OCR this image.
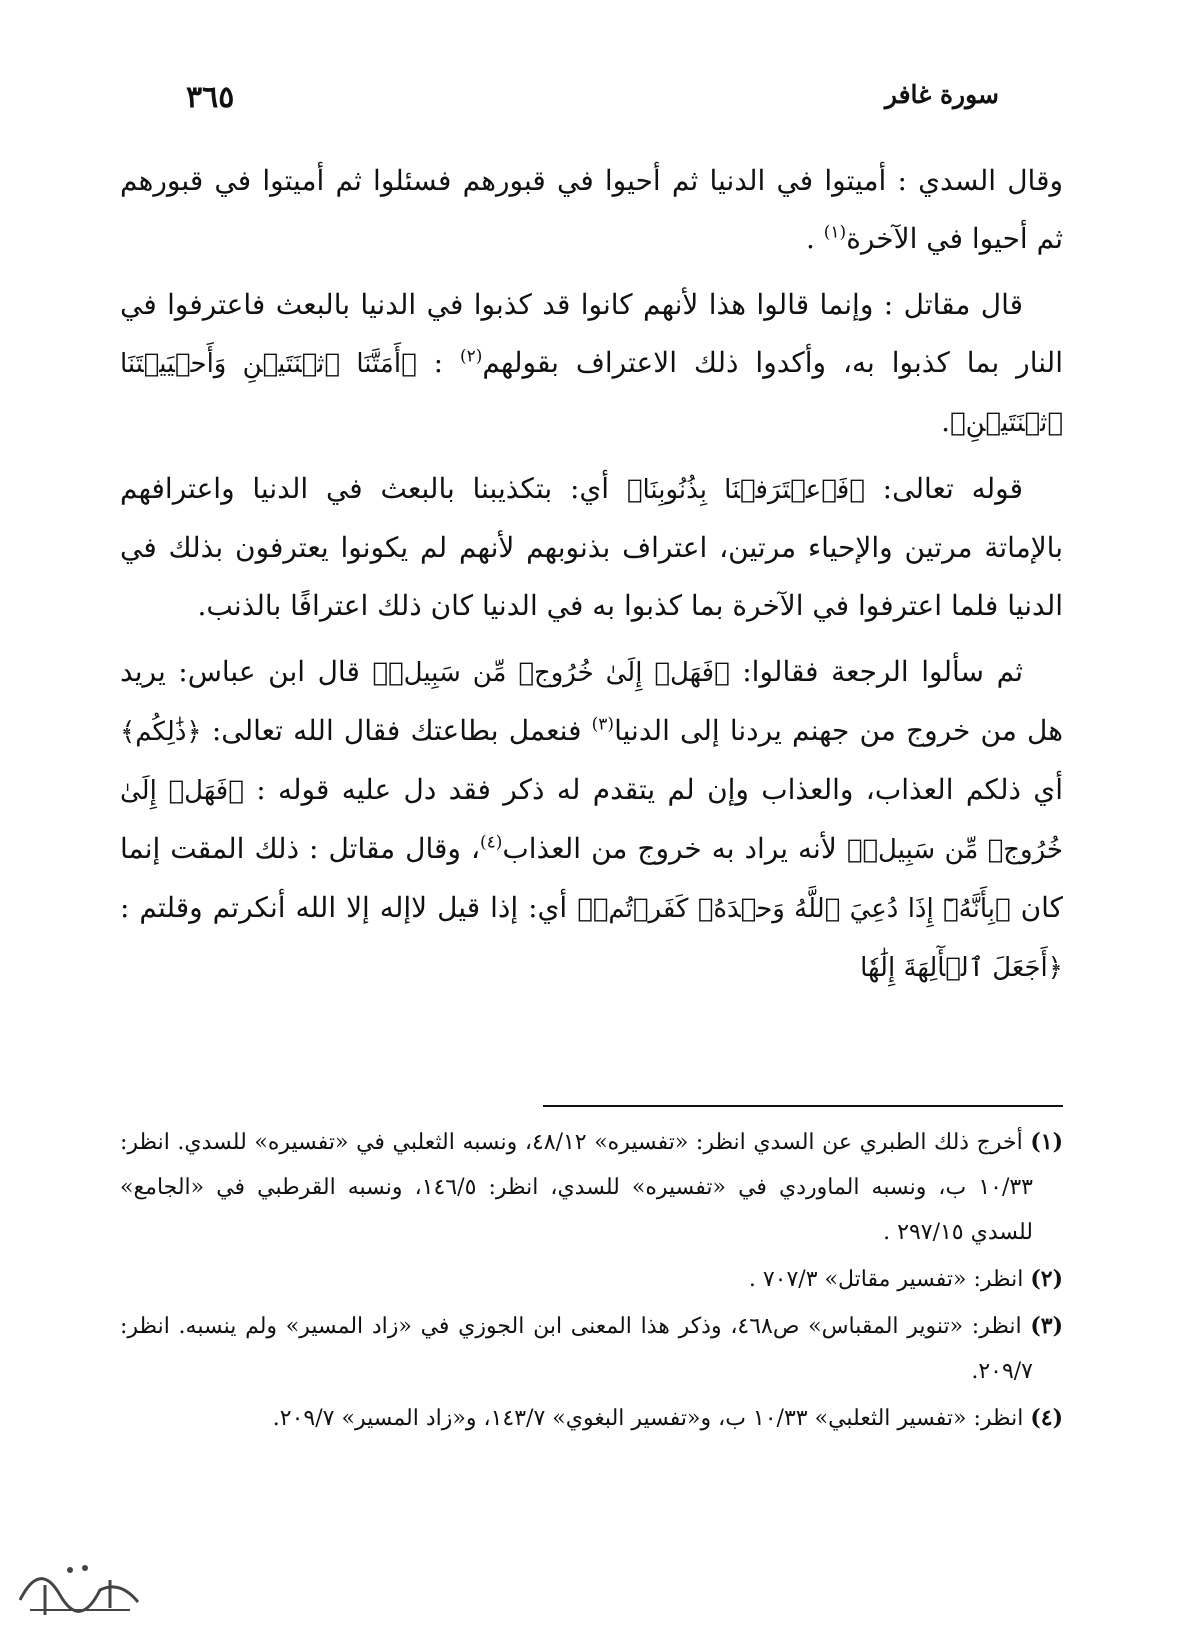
سورة غافر
٣٦٥

وقال السدي : أميتوا في الدنيا ثم أحيوا في قبورهم فسئلوا ثم أميتوا في قبورهم ثم أحيوا في الآخرة$^{(١)}$ .

قال مقاتل : وإنما قالوا هذا لأنهم كانوا قد كذبوا في الدنيا بالبعث فاعترفوا في النار بما كذبوا به، وأكدوا ذلك الاعتراف بقولهم$^{(٢)}$ : ﴿أَمَتَّنَا ٱثۡنَتَيۡنِ وَأَحۡيَيۡتَنَا ٱثۡنَتَيۡنِ﴾.

قوله تعالى: ﴿فَٱعۡتَرَفۡنَا بِذُنُوبِنَا﴾ أي: بتكذيبنا بالبعث في الدنيا واعترافهم بالإماتة مرتين والإحياء مرتين، اعتراف بذنوبهم لأنهم لم يكونوا يعترفون بذلك في الدنيا فلما اعترفوا في الآخرة بما كذبوا به في الدنيا كان ذلك اعترافًا بالذنب.

ثم سألوا الرجعة فقالوا: ﴿فَهَلۡ إِلَىٰ خُرُوجٖ مِّن سَبِيلٖ﴾ قال ابن عباس: يريد هل من خروج من جهنم يردنا إلى الدنيا$^{(٣)}$ فنعمل بطاعتك فقال الله تعالى: ﴿ذَٰلِكُم﴾ أي ذلكم العذاب، والعذاب وإن لم يتقدم له ذكر فقد دل عليه قوله : ﴿فَهَلۡ إِلَىٰ خُرُوجٖ مِّن سَبِيلٖ﴾ لأنه يراد به خروج من العذاب$^{(٤)}$، وقال مقاتل : ذلك المقت إنما كان ﴿بِأَنَّهُۥٓ إِذَا دُعِيَ ٱللَّهُ وَحۡدَهُۥ كَفَرۡتُمۡ﴾ أي: إذا قيل لاإله إلا الله أنكرتم وقلتم : ﴿أَجَعَلَ ٱلۡأٓلِهَةَ إِلَٰهٗا

(١) أخرج ذلك الطبري عن السدي انظر: «تفسيره» ٤٨/١٢، ونسبه الثعلبي في «تفسيره» للسدي. انظر: ١٠/٣٣ ب، ونسبه الماوردي في «تفسيره» للسدي، انظر: ١٤٦/٥، ونسبه القرطبي في «الجامع» للسدي ٢٩٧/١٥ .

(٢) انظر: «تفسير مقاتل» ٧٠٧/٣ .

(٣) انظر: «تنوير المقباس» ص٤٦٨، وذكر هذا المعنى ابن الجوزي في «زاد المسير» ولم ينسبه. انظر: ٢٠٩/٧.

(٤) انظر: «تفسير الثعلبي» ١٠/٣٣ ب، و«تفسير البغوي» ١٤٣/٧، و«زاد المسير» ٢٠٩/٧.
